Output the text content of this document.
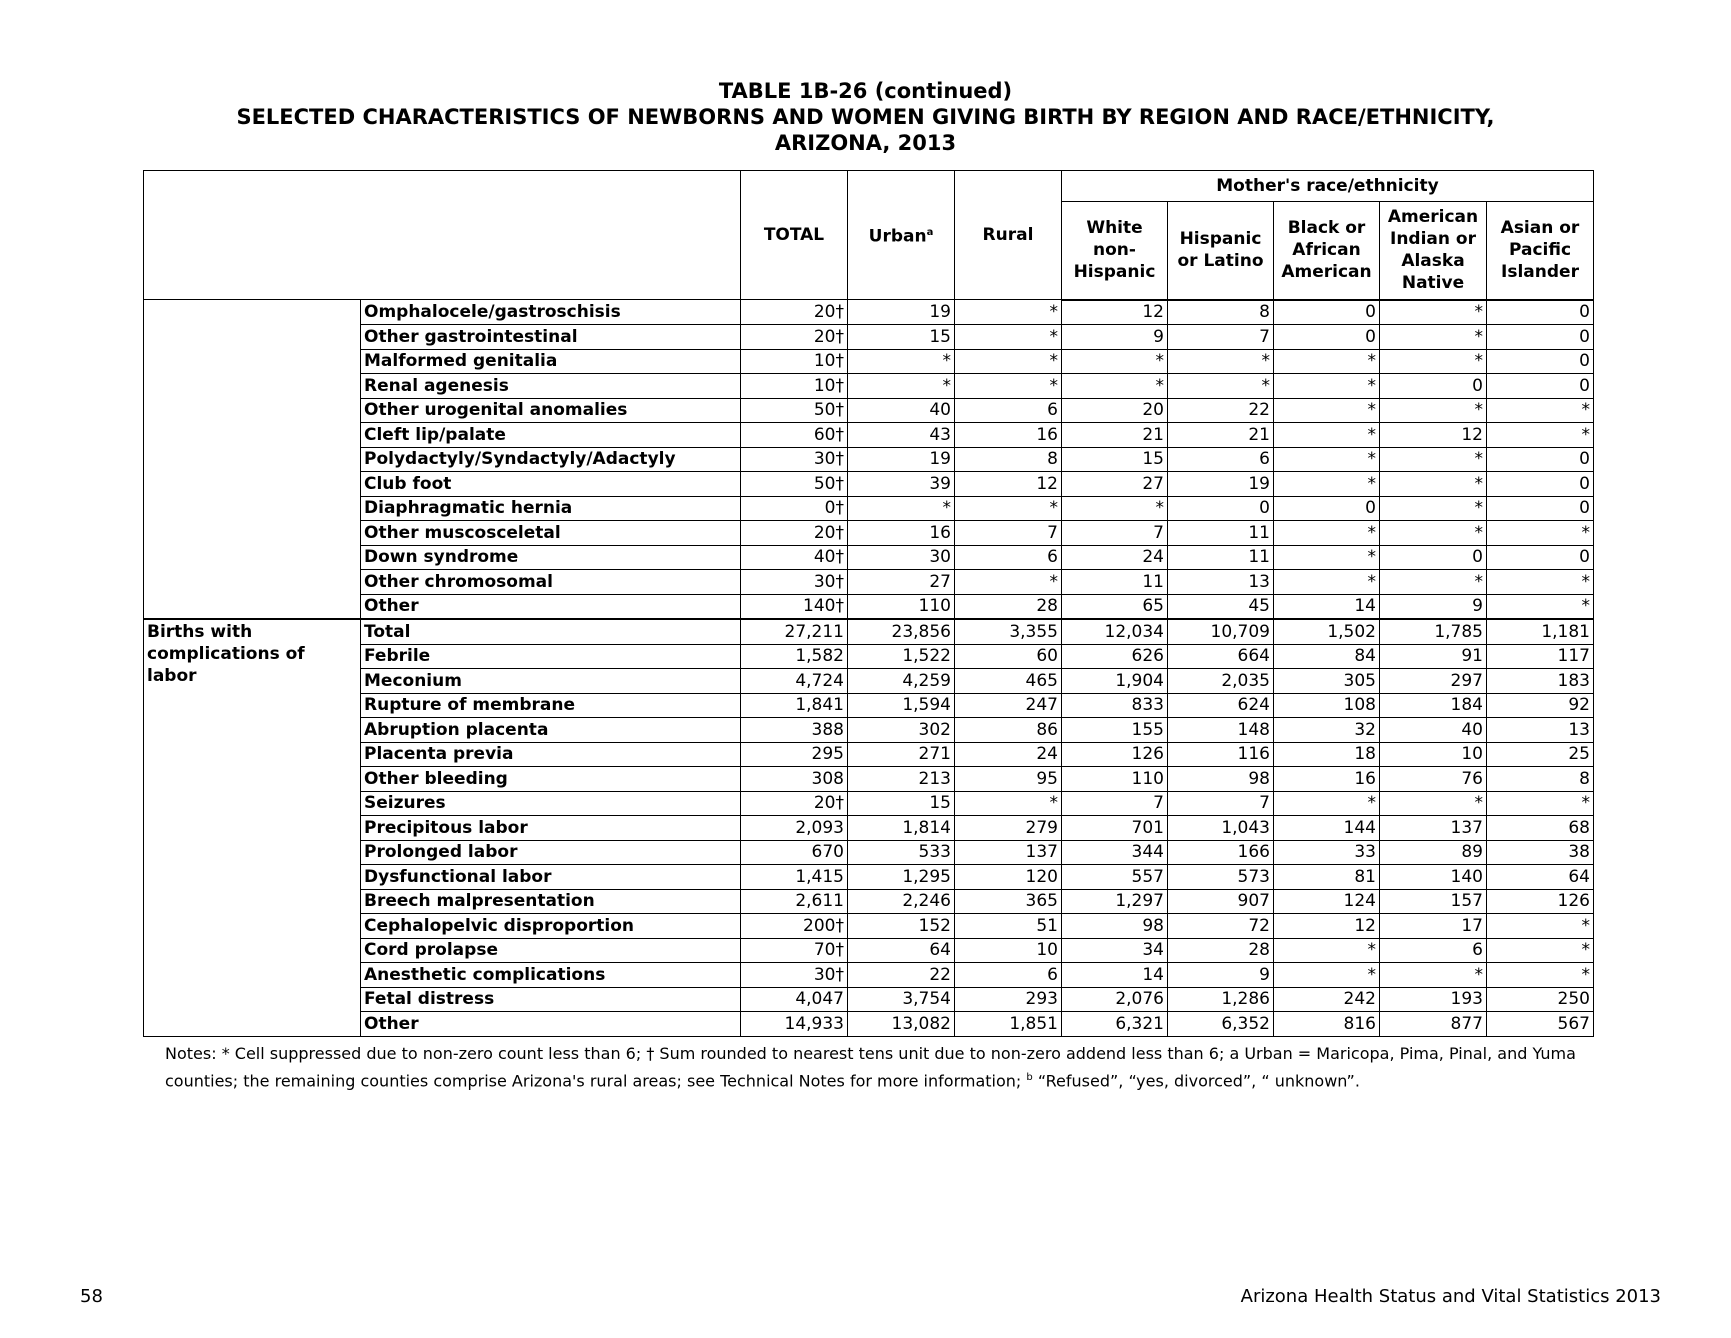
TABLE 1B-26 (continued)
SELECTED CHARACTERISTICS OF NEWBORNS AND WOMEN GIVING BIRTH BY REGION AND RACE/ETHNICITY,
ARIZONA, 2013
		TOTAL	Urban$^a$	Rural	Mother's race/ethnicity				
					White non-Hispanic	Hispanic or Latino	Black or African American	American Indian or Alaska Native	Asian or Pacific Islander
	Omphalocele/gastroschisis	20†	19	*	12	8	0	*	0
	Other gastrointestinal	20†	15	*	9	7	0	*	0
	Malformed genitalia	10†	*	*	*	*	*	*	0
	Renal agenesis	10†	*	*	*	*	*	0	0
	Other urogenital anomalies	50†	40	6	20	22	*	*	*
	Cleft lip/palate	60†	43	16	21	21	*	12	*
	Polydactyly/Syndactyly/Adactyly	30†	19	8	15	6	*	*	0
	Club foot	50†	39	12	27	19	*	*	0
	Diaphragmatic hernia	0†	*	*	*	0	0	*	0
	Other muscosceletal	20†	16	7	7	11	*	*	*
	Down syndrome	40†	30	6	24	11	*	0	0
	Other chromosomal	30†	27	*	11	13	*	*	*
	Other	140†	110	28	65	45	14	9	*
Births with complications of labor	Total	27,211	23,856	3,355	12,034	10,709	1,502	1,785	1,181
	Febrile	1,582	1,522	60	626	664	84	91	117
	Meconium	4,724	4,259	465	1,904	2,035	305	297	183
	Rupture of membrane	1,841	1,594	247	833	624	108	184	92
	Abruption placenta	388	302	86	155	148	32	40	13
	Placenta previa	295	271	24	126	116	18	10	25
	Other bleeding	308	213	95	110	98	16	76	8
	Seizures	20†	15	*	7	7	*	*	*
	Precipitous labor	2,093	1,814	279	701	1,043	144	137	68
	Prolonged labor	670	533	137	344	166	33	89	38
	Dysfunctional labor	1,415	1,295	120	557	573	81	140	64
	Breech malpresentation	2,611	2,246	365	1,297	907	124	157	126
	Cephalopelvic disproportion	200†	152	51	98	72	12	17	*
	Cord prolapse	70†	64	10	34	28	*	6	*
	Anesthetic complications	30†	22	6	14	9	*	*	*
	Fetal distress	4,047	3,754	293	2,076	1,286	242	193	250
	Other	14,933	13,082	1,851	6,321	6,352	816	877	567
Notes: * Cell suppressed due to non-zero count less than 6; † Sum rounded to nearest tens unit due to non-zero addend less than 6; a Urban = Maricopa, Pima, Pinal, and Yuma counties; the remaining counties comprise Arizona's rural areas; see Technical Notes for more information; $^b$ “Refused”, “yes, divorced”, “ unknown”.
58	Arizona Health Status and Vital Statistics 2013
